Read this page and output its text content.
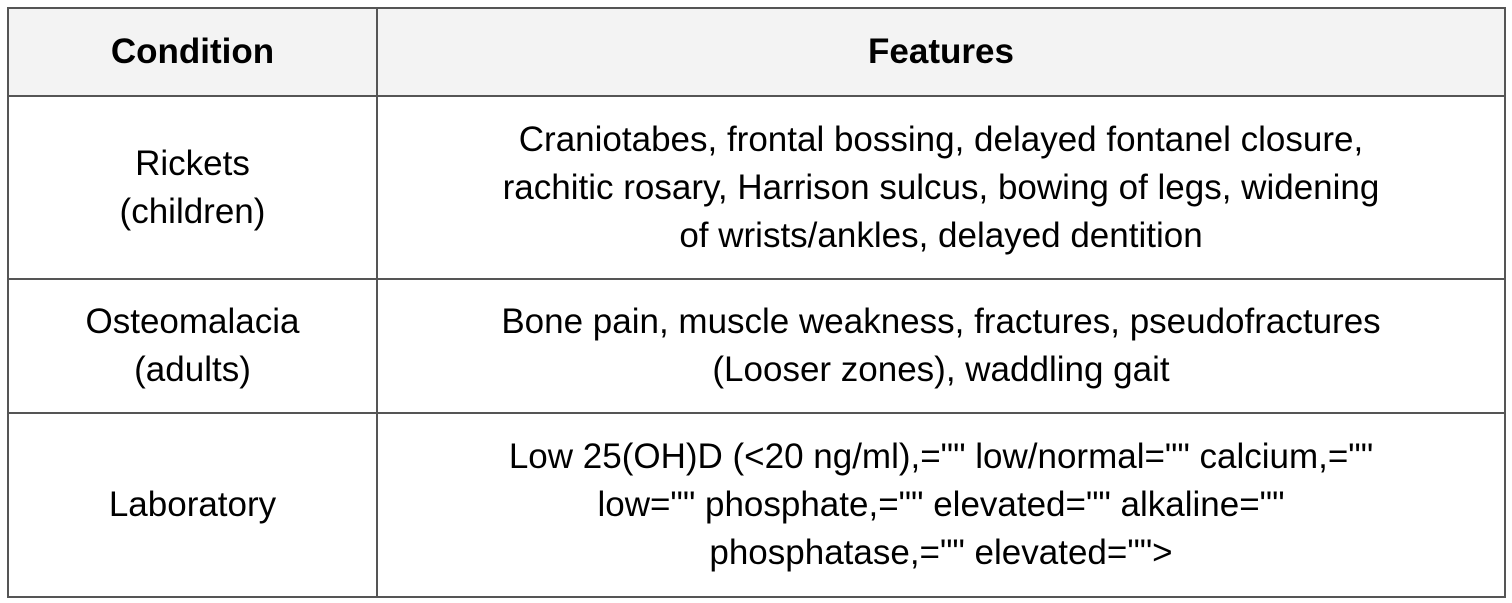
Condition	Features

Rickets
(children)	Craniotabes, frontal bossing, delayed fontanel closure,
rachitic rosary, Harrison sulcus, bowing of legs, widening
of wrists/ankles, delayed dentition

Osteomalacia
(adults)	Bone pain, muscle weakness, fractures, pseudofractures
(Looser zones), waddling gait

Laboratory	Low 25(OH)D (<20 ng/ml),="" low/normal="" calcium,=""
low="" phosphate,="" elevated="" alkaline=""
phosphatase,="" elevated="">
